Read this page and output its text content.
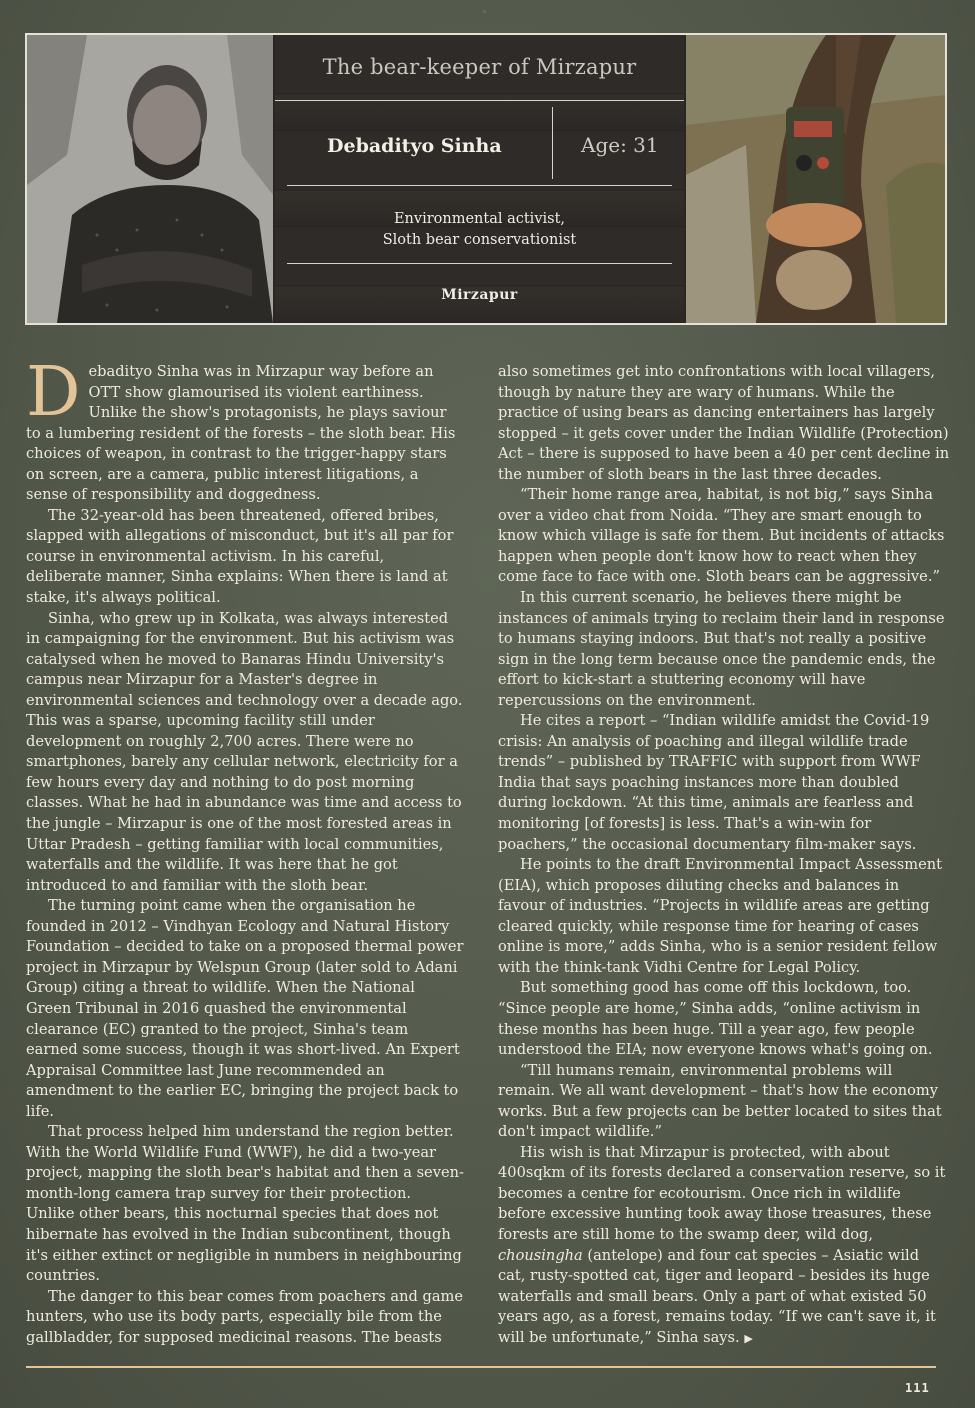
◦
The bear-keeper of Mirzapur
Debadityo Sinha	Age: 31
Environmental activist,
Sloth bear conservationist
Mirzapur

Debadityo Sinha was in Mirzapur way before an OTT show glamourised its violent earthiness. Unlike the show's protagonists, he plays saviour to a lumbering resident of the forests – the sloth bear. His choices of weapon, in contrast to the trigger-happy stars on screen, are a camera, public interest litigations, a sense of responsibility and doggedness.

The 32-year-old has been threatened, offered bribes, slapped with allegations of misconduct, but it's all par for course in environmental activism. In his careful, deliberate manner, Sinha explains: When there is land at stake, it's always political.

Sinha, who grew up in Kolkata, was always interested in campaigning for the environment. But his activism was catalysed when he moved to Banaras Hindu University's campus near Mirzapur for a Master's degree in environmental sciences and technology over a decade ago. This was a sparse, upcoming facility still under development on roughly 2,700 acres. There were no smartphones, barely any cellular network, electricity for a few hours every day and nothing to do post morning classes. What he had in abundance was time and access to the jungle – Mirzapur is one of the most forested areas in Uttar Pradesh – getting familiar with local communities, waterfalls and the wildlife. It was here that he got introduced to and familiar with the sloth bear.

The turning point came when the organisation he founded in 2012 – Vindhyan Ecology and Natural History Foundation – decided to take on a proposed thermal power project in Mirzapur by Welspun Group (later sold to Adani Group) citing a threat to wildlife. When the National Green Tribunal in 2016 quashed the environmental clearance (EC) granted to the project, Sinha's team earned some success, though it was short-lived. An Expert Appraisal Committee last June recommended an amendment to the earlier EC, bringing the project back to life.

That process helped him understand the region better. With the World Wildlife Fund (WWF), he did a two-year project, mapping the sloth bear's habitat and then a seven-month-long camera trap survey for their protection. Unlike other bears, this nocturnal species that does not hibernate has evolved in the Indian subcontinent, though it's either extinct or negligible in numbers in neighbouring countries.

The danger to this bear comes from poachers and game hunters, who use its body parts, especially bile from the gallbladder, for supposed medicinal reasons. The beasts

also sometimes get into confrontations with local villagers, though by nature they are wary of humans. While the practice of using bears as dancing entertainers has largely stopped – it gets cover under the Indian Wildlife (Protection) Act – there is supposed to have been a 40 per cent decline in the number of sloth bears in the last three decades.

“Their home range area, habitat, is not big,” says Sinha over a video chat from Noida. “They are smart enough to know which village is safe for them. But incidents of attacks happen when people don't know how to react when they come face to face with one. Sloth bears can be aggressive.”

In this current scenario, he believes there might be instances of animals trying to reclaim their land in response to humans staying indoors. But that's not really a positive sign in the long term because once the pandemic ends, the effort to kick-start a stuttering economy will have repercussions on the environment.

He cites a report – “Indian wildlife amidst the Covid-19 crisis: An analysis of poaching and illegal wildlife trade trends” – published by TRAFFIC with support from WWF India that says poaching instances more than doubled during lockdown. “At this time, animals are fearless and monitoring [of forests] is less. That's a win-win for poachers,” the occasional documentary film-maker says.

He points to the draft Environmental Impact Assessment (EIA), which proposes diluting checks and balances in favour of industries. “Projects in wildlife areas are getting cleared quickly, while response time for hearing of cases online is more,” adds Sinha, who is a senior resident fellow with the think-tank Vidhi Centre for Legal Policy.

But something good has come off this lockdown, too. “Since people are home,” Sinha adds, “online activism in these months has been huge. Till a year ago, few people understood the EIA; now everyone knows what's going on.

“Till humans remain, environmental problems will remain. We all want development – that's how the economy works. But a few projects can be better located to sites that don't impact wildlife.”

His wish is that Mirzapur is protected, with about 400sqkm of its forests declared a conservation reserve, so it becomes a centre for ecotourism. Once rich in wildlife before excessive hunting took away those treasures, these forests are still home to the swamp deer, wild dog, chousingha (antelope) and four cat species – Asiatic wild cat, rusty-spotted cat, tiger and leopard – besides its huge waterfalls and small bears. Only a part of what existed 50 years ago, as a forest, remains today. “If we can't save it, it will be unfortunate,” Sinha says. ▶

111
